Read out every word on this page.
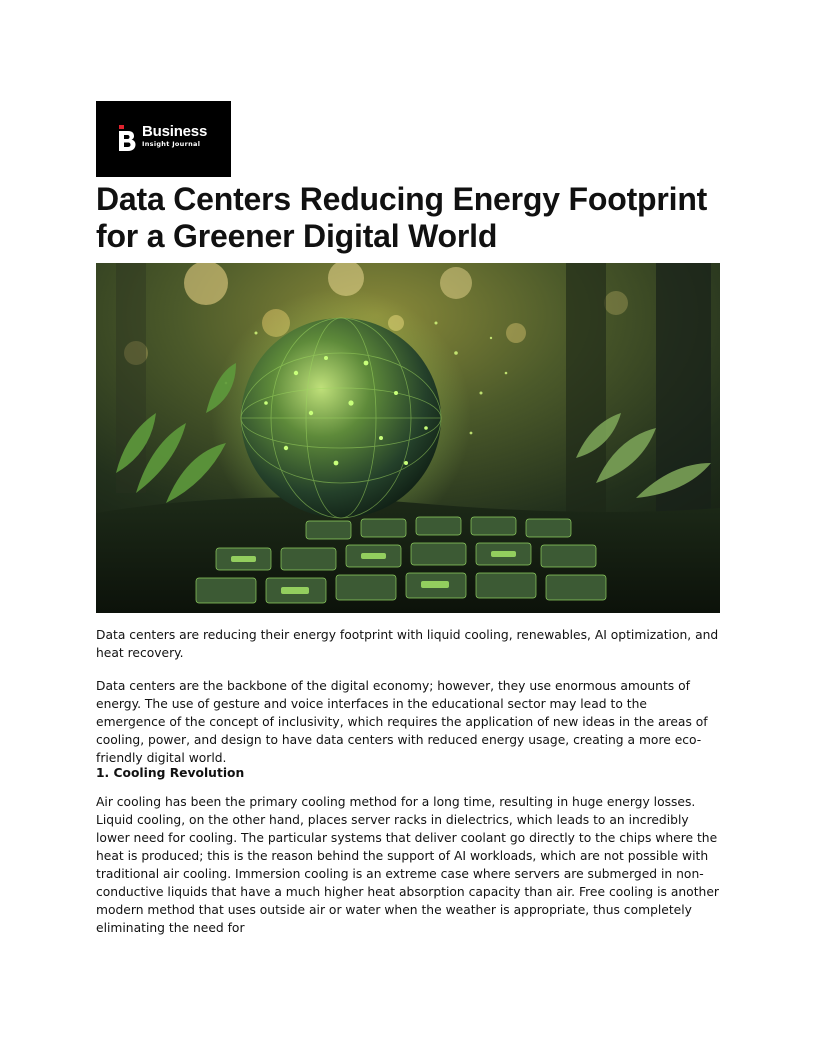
Business
Insight Journal
Data Centers Reducing Energy Footprint for a Greener Digital World

Data centers are reducing their energy footprint with liquid cooling, renewables, AI optimization, and heat recovery.

Data centers are the backbone of the digital economy; however, they use enormous amounts of energy. The use of gesture and voice interfaces in the educational sector may lead to the emergence of the concept of inclusivity, which requires the application of new ideas in the areas of cooling, power, and design to have data centers with reduced energy usage, creating a more eco-friendly digital world.

1. Cooling Revolution

Air cooling has been the primary cooling method for a long time, resulting in huge energy losses. Liquid cooling, on the other hand, places server racks in dielectrics, which leads to an incredibly lower need for cooling. The particular systems that deliver coolant go directly to the chips where the heat is produced; this is the reason behind the support of AI workloads, which are not possible with traditional air cooling. Immersion cooling is an extreme case where servers are submerged in non-conductive liquids that have a much higher heat absorption capacity than air. Free cooling is another modern method that uses outside air or water when the weather is appropriate, thus completely eliminating the need for
